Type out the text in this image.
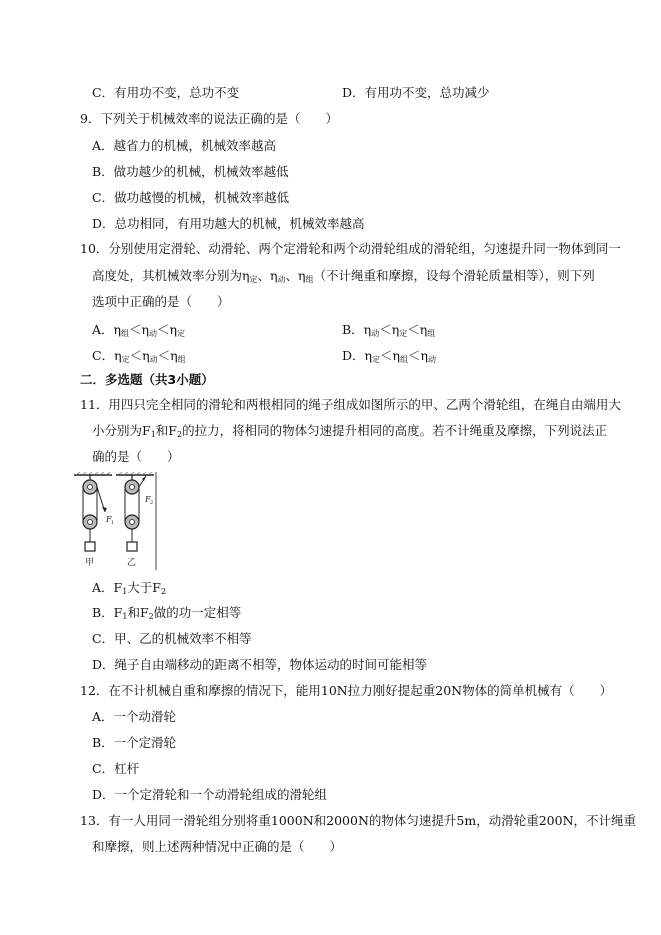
C．有用功不变，总功不变	D．有用功不变，总功减少
9．下列关于机械效率的说法正确的是（　　）
A．越省力的机械，机械效率越高
B．做功越少的机械，机械效率越低
C．做功越慢的机械，机械效率越低
D．总功相同，有用功越大的机械，机械效率越高
10．分别使用定滑轮、动滑轮、两个定滑轮和两个动滑轮组成的滑轮组，匀速提升同一物体到同一
高度处，其机械效率分别为$\eta_定$、$\eta_动$、$\eta_组$（不计绳重和摩擦，设每个滑轮质量相等），则下列
选项中正确的是（　　）
A．$\eta_组<\eta_动<\eta_定$	B．$\eta_动<\eta_定<\eta_组$
C．$\eta_定<\eta_动<\eta_组$	D．$\eta_定<\eta_组<\eta_动$
二．多选题（共3小题）
11．用四只完全相同的滑轮和两根相同的绳子组成如图所示的甲、乙两个滑轮组，在绳自由端用大
小分别为$F_1$和$F_2$的拉力，将相同的物体匀速提升相同的高度。若不计绳重及摩擦，下列说法正
确的是（　　）
F 1
甲
F 2
乙
A．$F_1$大于$F_2$
B．$F_1$和$F_2$做的功一定相等
C．甲、乙的机械效率不相等
D．绳子自由端移动的距离不相等，物体运动的时间可能相等
12．在不计机械自重和摩擦的情况下，能用10N拉力刚好提起重20N物体的简单机械有（　　）
A．一个动滑轮
B．一个定滑轮
C．杠杆
D．一个定滑轮和一个动滑轮组成的滑轮组
13．有一人用同一滑轮组分别将重1000N和2000N的物体匀速提升5m，动滑轮重200N，不计绳重
和摩擦，则上述两种情况中正确的是（　　）
